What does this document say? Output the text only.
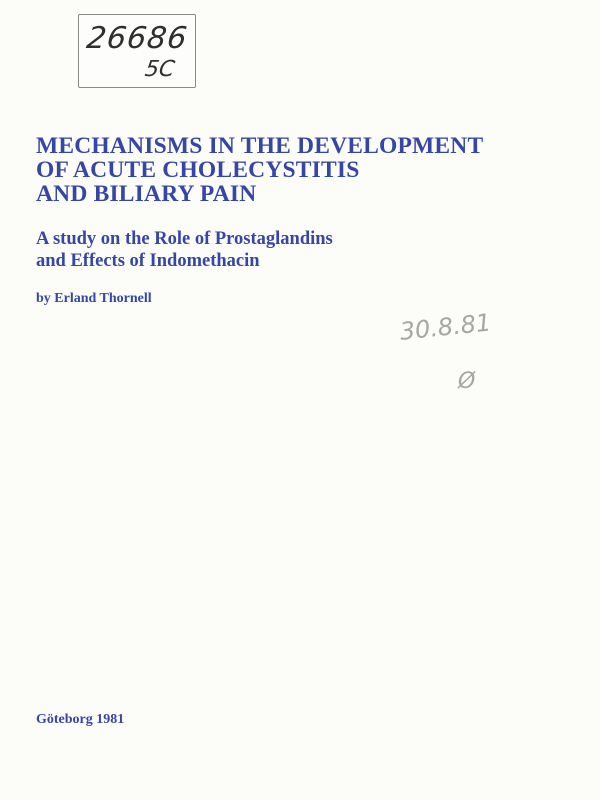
26686
5C
MECHANISMS IN THE DEVELOPMENT
OF ACUTE CHOLECYSTITIS
AND BILIARY PAIN
A study on the Role of Prostaglandins
and Effects of Indomethacin
by Erland Thornell
30.8.81
Ø
Göteborg 1981
